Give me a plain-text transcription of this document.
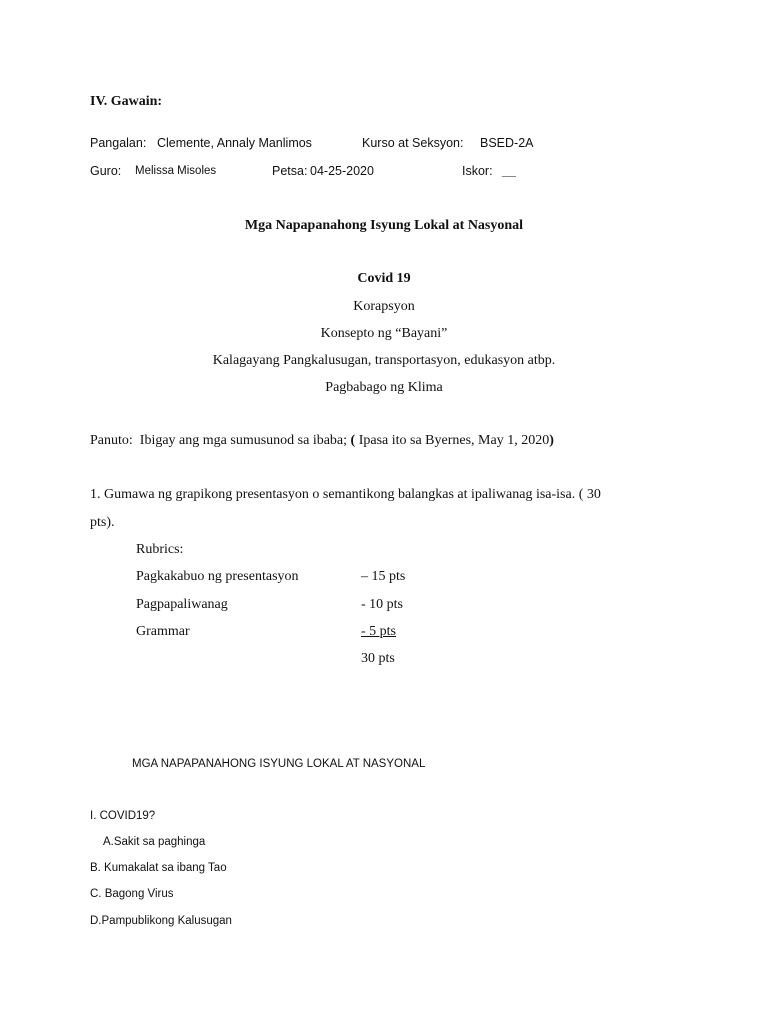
IV. Gawain:
Pangalan: Clemente, Annaly Manlimos	Kurso at Seksyon: BSED-2A
Guro: Melissa Misoles	Petsa: 04-25-2020	Iskor: __
Mga Napapanahong Isyung Lokal at Nasyonal
Covid 19
Korapsyon
Konsepto ng “Bayani”
Kalagayang Pangkalusugan, transportasyon, edukasyon atbp.
Pagbabago ng Klima
Panuto: Ibigay ang mga sumusunod sa ibaba; ( Ipasa ito sa Byernes, May 1, 2020)
1. Gumawa ng grapikong presentasyon o semantikong balangkas at ipaliwanag isa-isa. ( 30
pts).
Rubrics:
Pagkakabuo ng presentasyon	– 15 pts
Pagpapaliwanag	- 10 pts
Grammar	- 5 pts
30 pts
MGA NAPAPANAHONG ISYUNG LOKAL AT NASYONAL
I. COVID19?
A.Sakit sa paghinga
B. Kumakalat sa ibang Tao
C. Bagong Virus
D.Pampublikong Kalusugan
